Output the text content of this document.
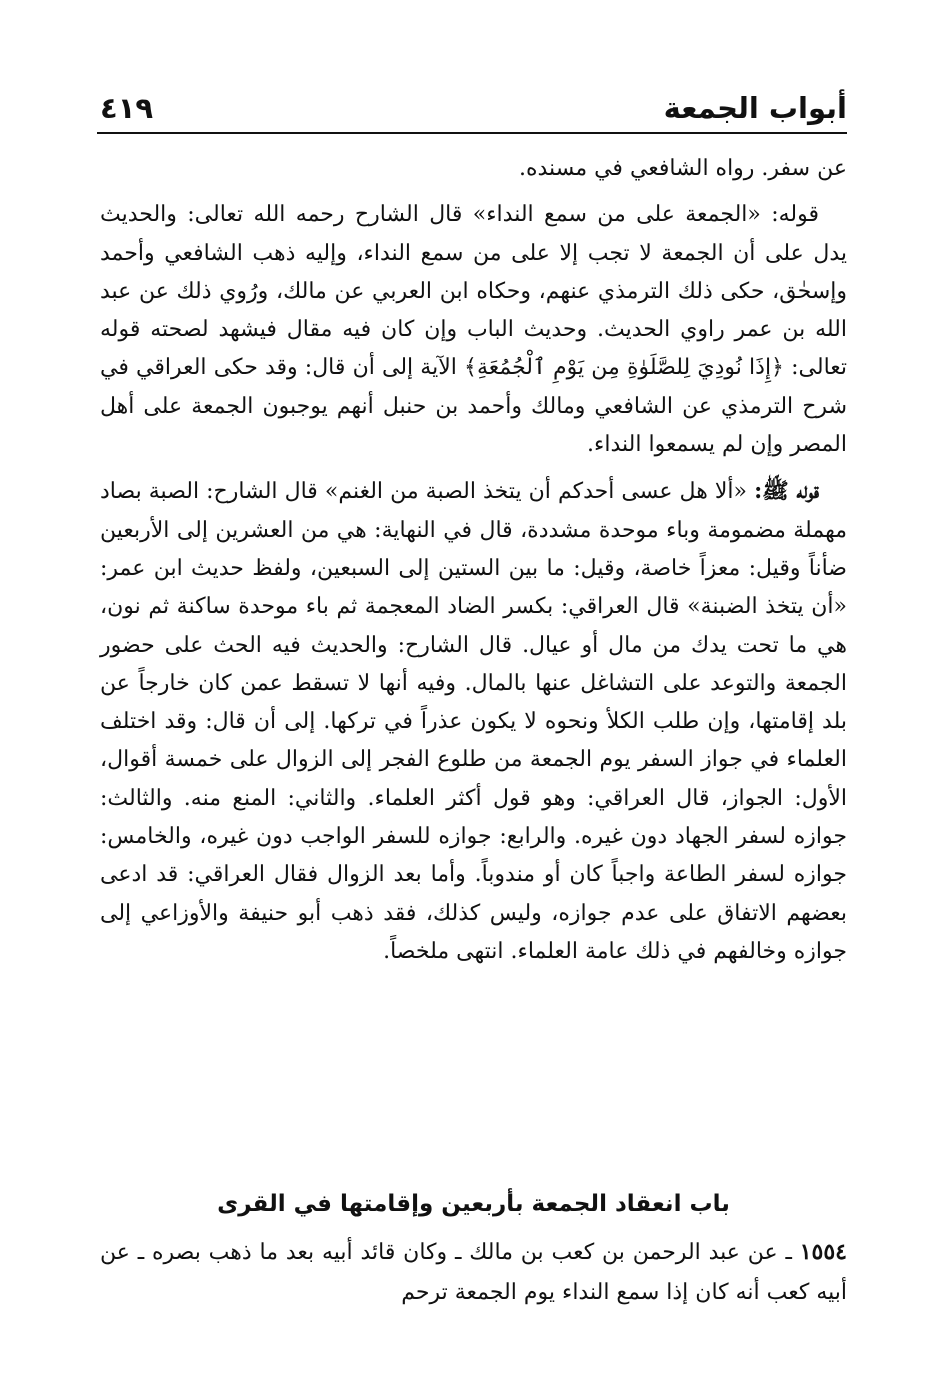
أبواب الجمعة
٤١٩

عن سفر. رواه الشافعي في مسنده.

قوله: «الجمعة على من سمع النداء» قال الشارح رحمه الله تعالى: والحديث يدل على أن الجمعة لا تجب إلا على من سمع النداء، وإليه ذهب الشافعي وأحمد وإسحٰق، حكى ذلك الترمذي عنهم، وحكاه ابن العربي عن مالك، ورُوي ذلك عن عبد الله بن عمر راوي الحديث. وحديث الباب وإن كان فيه مقال فيشهد لصحته قوله تعالى: ﴿إِذَا نُودِيَ لِلصَّلَوٰةِ مِن يَوْمِ ٱلْجُمُعَةِ﴾ الآية إلى أن قال: وقد حكى العراقي في شرح الترمذي عن الشافعي ومالك وأحمد بن حنبل أنهم يوجبون الجمعة على أهل المصر وإن لم يسمعوا النداء.

قوله ﷺ: «ألا هل عسى أحدكم أن يتخذ الصبة من الغنم» قال الشارح: الصبة بصاد مهملة مضمومة وباء موحدة مشددة، قال في النهاية: هي من العشرين إلى الأربعين ضأناً وقيل: معزاً خاصة، وقيل: ما بين الستين إلى السبعين، ولفظ حديث ابن عمر: «أن يتخذ الضبنة» قال العراقي: بكسر الضاد المعجمة ثم باء موحدة ساكنة ثم نون، هي ما تحت يدك من مال أو عيال. قال الشارح: والحديث فيه الحث على حضور الجمعة والتوعد على التشاغل عنها بالمال. وفيه أنها لا تسقط عمن كان خارجاً عن بلد إقامتها، وإن طلب الكلأ ونحوه لا يكون عذراً في تركها. إلى أن قال: وقد اختلف العلماء في جواز السفر يوم الجمعة من طلوع الفجر إلى الزوال على خمسة أقوال، الأول: الجواز، قال العراقي: وهو قول أكثر العلماء. والثاني: المنع منه. والثالث: جوازه لسفر الجهاد دون غيره. والرابع: جوازه للسفر الواجب دون غيره، والخامس: جوازه لسفر الطاعة واجباً كان أو مندوباً. وأما بعد الزوال فقال العراقي: قد ادعى بعضهم الاتفاق على عدم جوازه، وليس كذلك، فقد ذهب أبو حنيفة والأوزاعي إلى جوازه وخالفهم في ذلك عامة العلماء. انتهى ملخصاً.

باب انعقاد الجمعة بأربعين وإقامتها في القرى

١٥٥٤ ـ عن عبد الرحمن بن كعب بن مالك ـ وكان قائد أبيه بعد ما ذهب بصره ـ عن أبيه كعب أنه كان إذا سمع النداء يوم الجمعة ترحم
